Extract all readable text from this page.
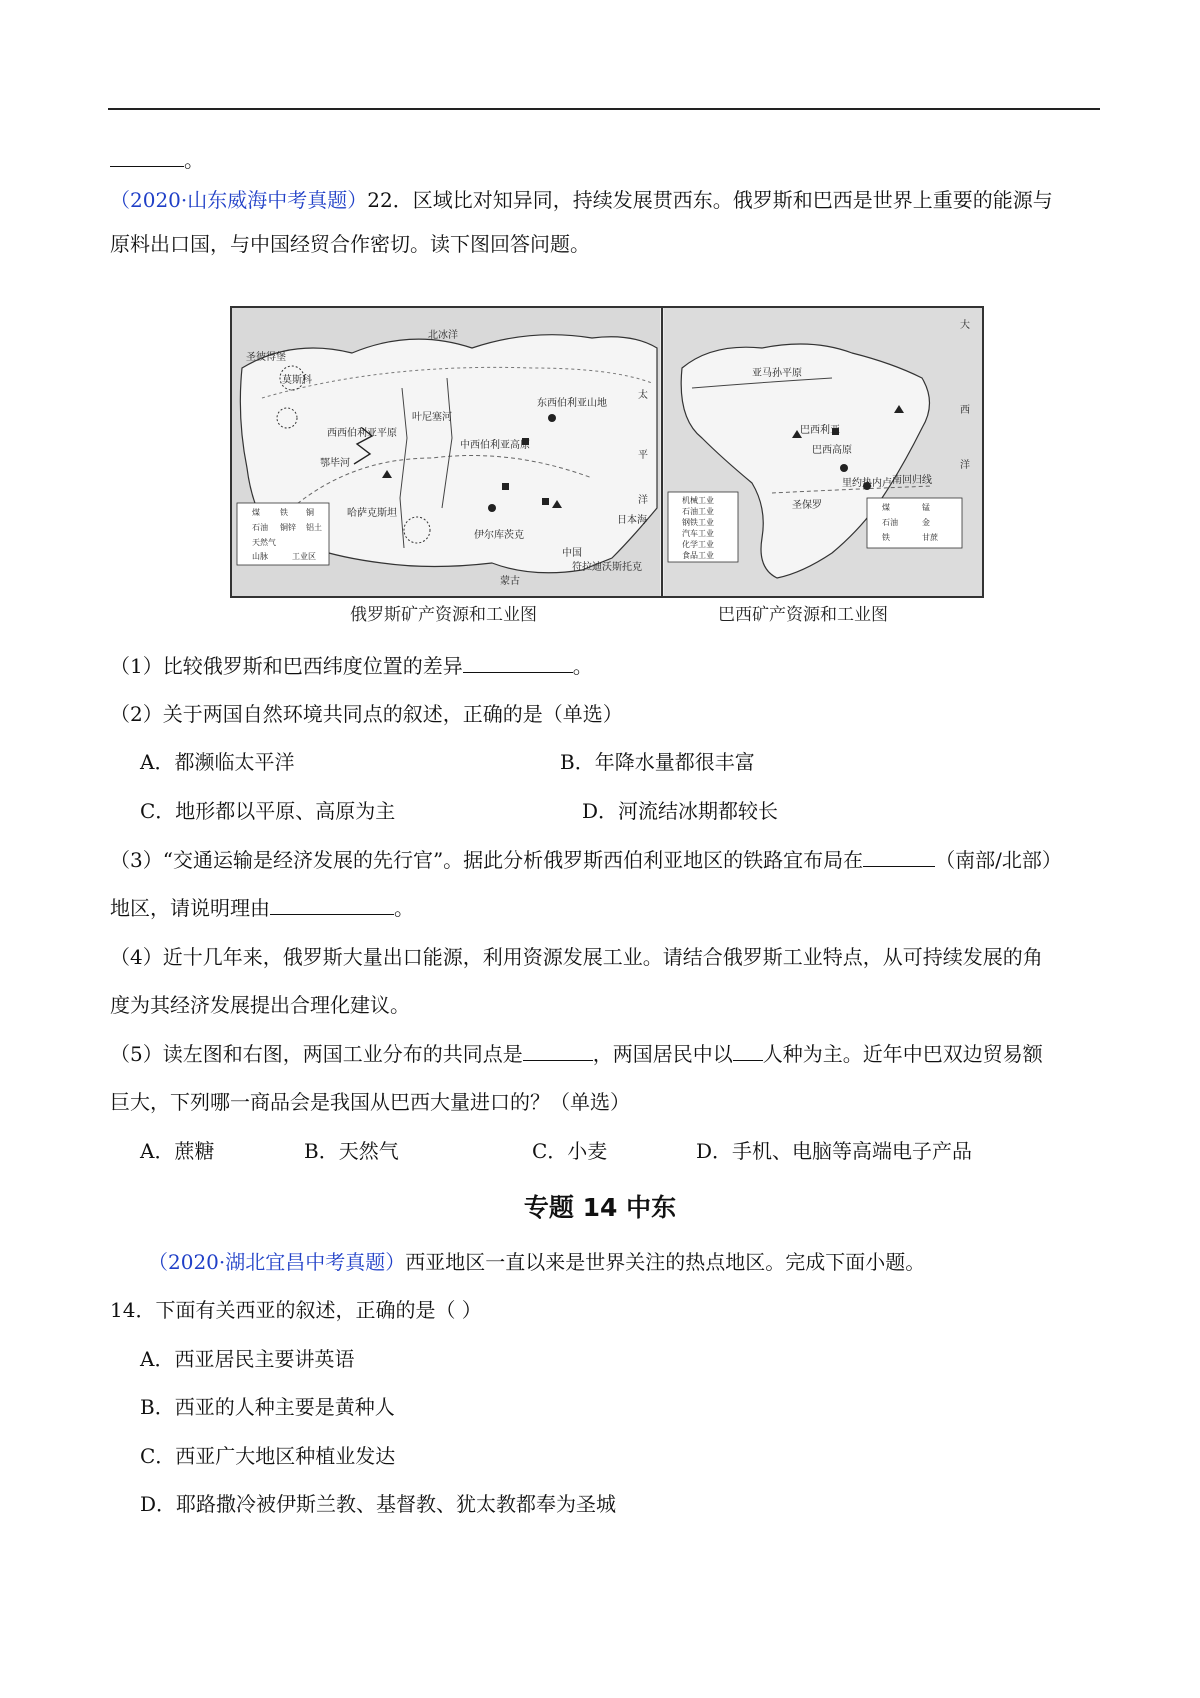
。
（2020·山东威海中考真题）22．区域比对知异同，持续发展贯西东。俄罗斯和巴西是世界上重要的能源与
原料出口国，与中国经贸合作密切。读下图回答问题。
煤	铁 铜
石油 铜锌 铝土
天然气
山脉	工业区
北冰洋
莫斯科
西西伯利亚平原
中西伯利亚高原
东西伯利亚山地
叶尼塞河
鄂毕河
伊尔库茨克
哈萨克斯坦
蒙古
中国
日本海
符拉迪沃斯托克
太
平
洋
圣彼得堡
煤	锰
石油	金
铁	甘蔗
机械工业
石油工业
钢铁工业
汽车工业
化学工业
食品工业
大
西
洋
亚马孙平原
巴西高原
巴西利亚
圣保罗
里约热内卢 南回归线
俄罗斯矿产资源和工业图	巴西矿产资源和工业图
（1）比较俄罗斯和巴西纬度位置的差异	。
（2）关于两国自然环境共同点的叙述，正确的是（单选）
A．都濒临太平洋	B．年降水量都很丰富
C．地形都以平原、高原为主	D．河流结冰期都较长
（3）“交通运输是经济发展的先行官”。据此分析俄罗斯西伯利亚地区的铁路宜布局在	（南部/北部）
地区，请说明理由	。
（4）近十几年来，俄罗斯大量出口能源，利用资源发展工业。请结合俄罗斯工业特点，从可持续发展的角
度为其经济发展提出合理化建议。
（5）读左图和右图，两国工业分布的共同点是	，两国居民中以 人种为主。近年中巴双边贸易额
巨大，下列哪一商品会是我国从巴西大量进口的？（单选）
A．蔗糖	B．天然气	C．小麦	D．手机、电脑等高端电子产品
专题 14 中东
（2020·湖北宜昌中考真题）西亚地区一直以来是世界关注的热点地区。完成下面小题。
14．下面有关西亚的叙述，正确的是（ ）
A．西亚居民主要讲英语
B．西亚的人种主要是黄种人
C．西亚广大地区种植业发达
D．耶路撒冷被伊斯兰教、基督教、犹太教都奉为圣城
